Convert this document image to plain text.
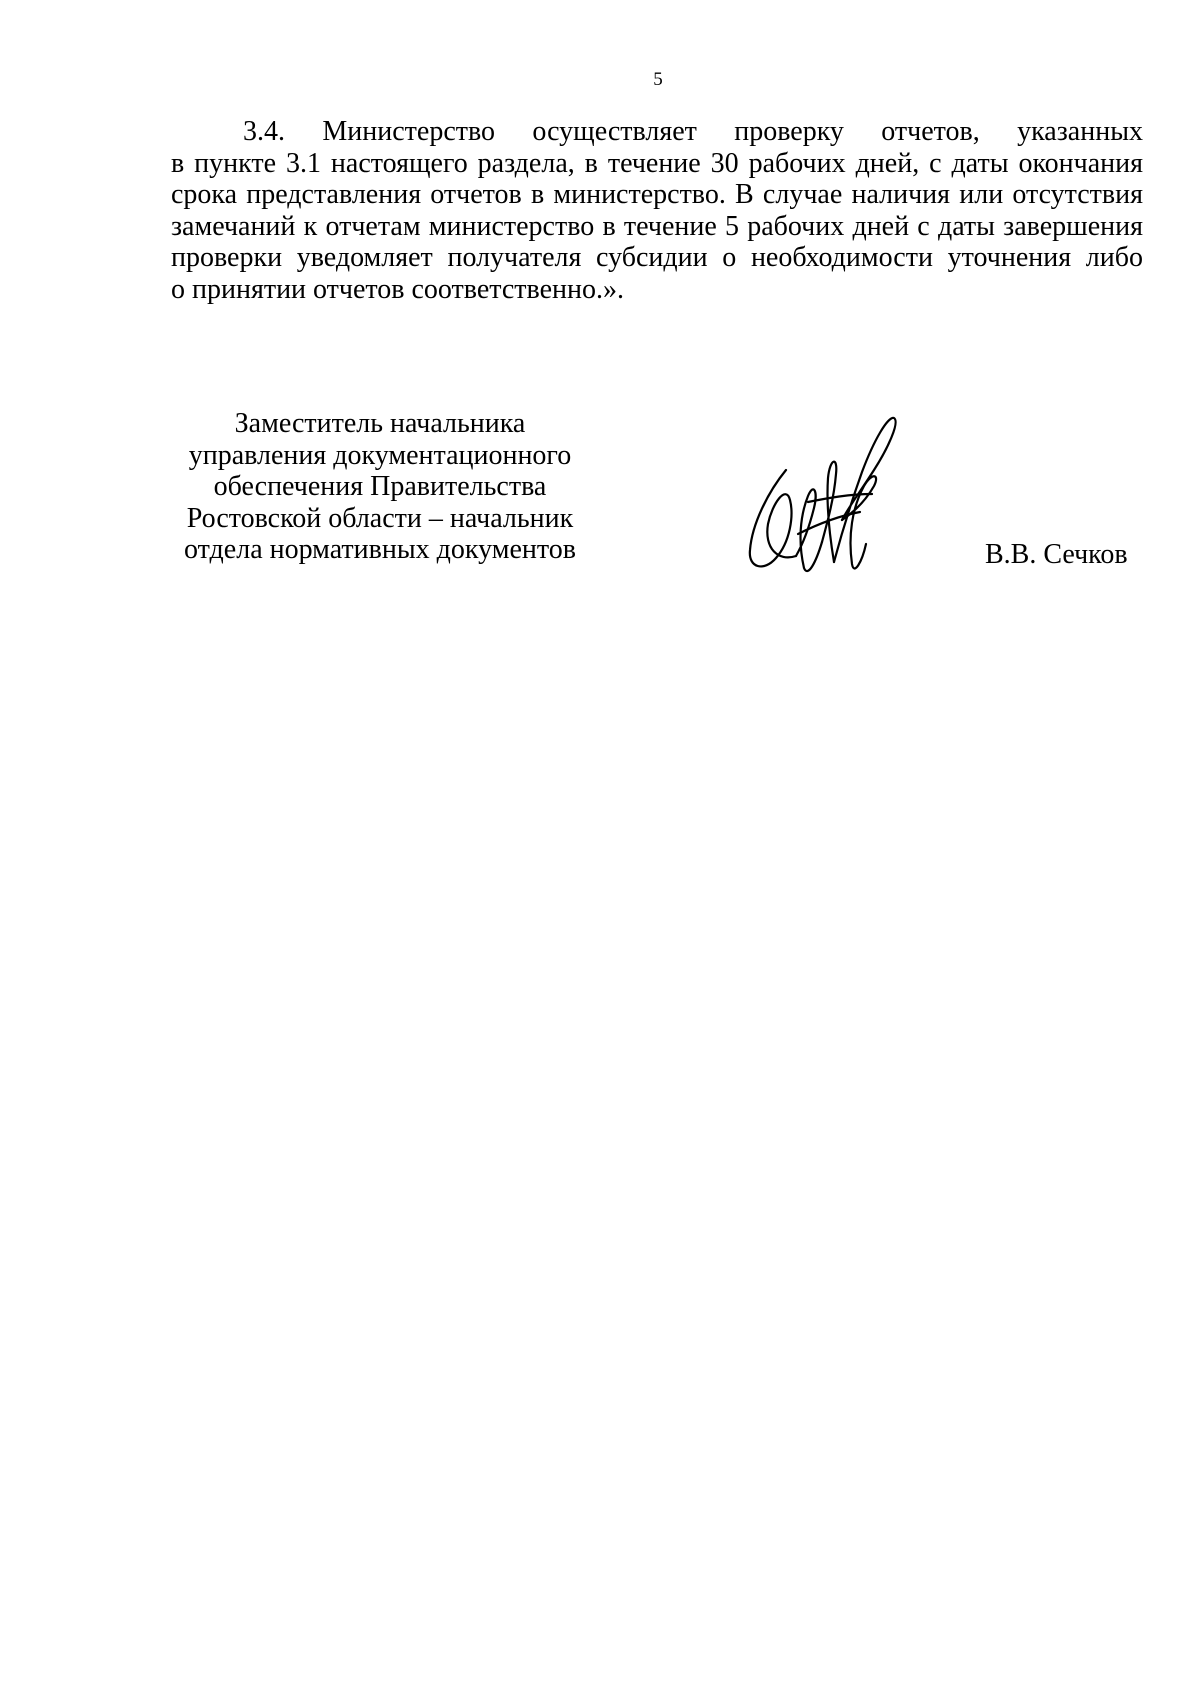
5

3.4. Министерство осуществляет проверку отчетов, указанных
в пункте 3.1 настоящего раздела, в течение 30 рабочих дней, с даты окончания
срока представления отчетов в министерство. В случае наличия или отсутствия
замечаний к отчетам министерство в течение 5 рабочих дней с даты завершения
проверки уведомляет получателя субсидии о необходимости уточнения либо
о принятии отчетов соответственно.».

Заместитель начальника
управления документационного
обеспечения Правительства
Ростовской области – начальник
отдела нормативных документов	В.В. Сечков
